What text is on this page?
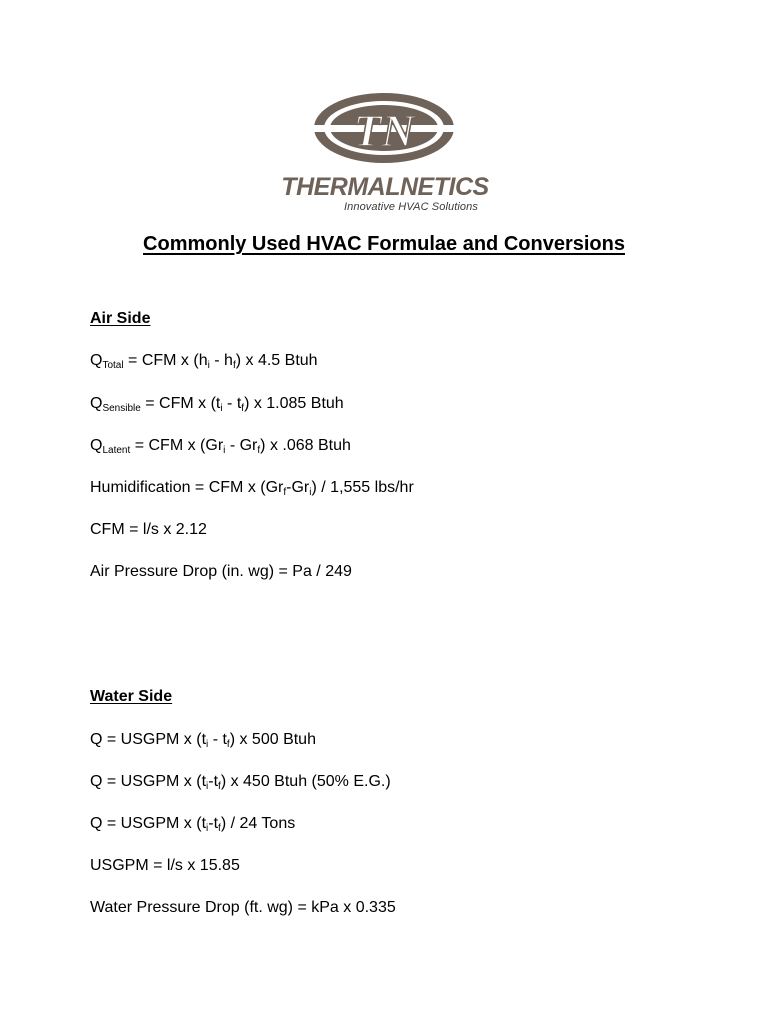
TN
THERMALNETICS
Innovative HVAC Solutions
Commonly Used HVAC Formulae and Conversions
Air Side
$Q_{Total}$ = CFM x $(h_i - h_f)$ x 4.5 Btuh
$Q_{Sensible}$ = CFM x $(t_i - t_f)$ x 1.085 Btuh
$Q_{Latent}$ = CFM x $(Gr_i - Gr_f)$ x .068 Btuh
Humidification = CFM x $(Gr_f-Gr_i) / 1,555$ lbs/hr
CFM = l/s x 2.12
Air Pressure Drop (in. wg) = Pa / 249
Water Side
Q = USGPM x $(t_i - t_f)$ x 500 Btuh
Q = USGPM x $(t_i-t_f)$ x 450 Btuh (50% E.G.)
Q = USGPM x $(t_i-t_f) / 24$ Tons
USGPM = l/s x 15.85
Water Pressure Drop (ft. wg) = kPa x 0.335
